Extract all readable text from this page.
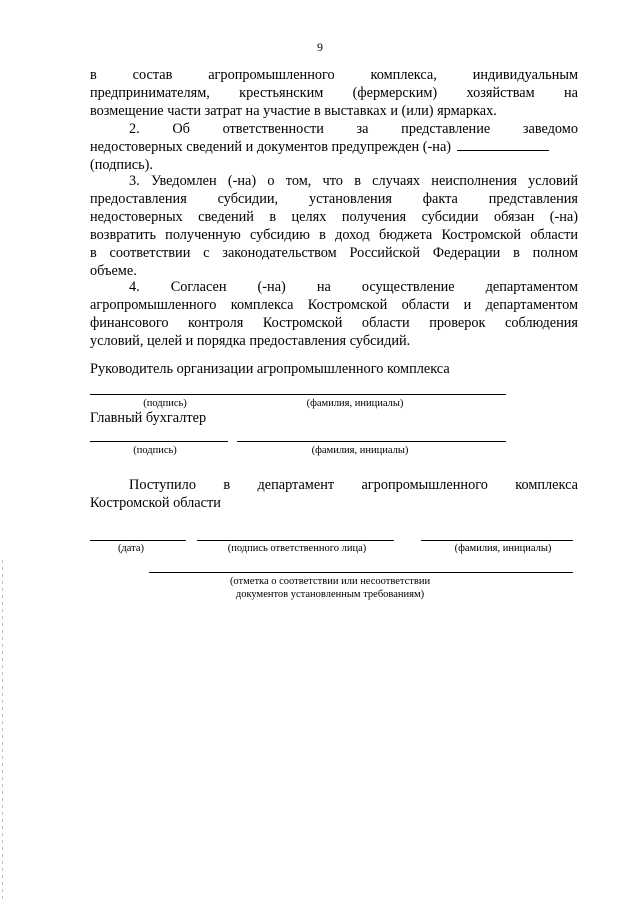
9
в состав агропромышленного комплекса, индивидуальным
предпринимателям, крестьянским (фермерским) хозяйствам на
возмещение части затрат на участие в выставках и (или) ярмарках.
2. Об ответственности за представление заведомо
недостоверных сведений и документов предупрежден (-на)
(подпись).
3. Уведомлен (-на) о том, что в случаях неисполнения условий
предоставления субсидии, установления факта представления
недостоверных сведений в целях получения субсидии обязан (-на)
возвратить полученную субсидию в доход бюджета Костромской области
в соответствии с законодательством Российской Федерации в полном
объеме.
4. Согласен (-на) на осуществление департаментом
агропромышленного комплекса Костромской области и департаментом
финансового контроля Костромской области проверок соблюдения
условий, целей и порядка предоставления субсидий.
Руководитель организации агропромышленного комплекса
(подпись)	(фамилия, инициалы)
Главный бухгалтер
(подпись)	(фамилия, инициалы)
Поступило в департамент агропромышленного комплекса
Костромской области
(дата)	(подпись ответственного лица)	(фамилия, инициалы)
(отметка о соответствии или несоответствии
документов установленным требованиям)
